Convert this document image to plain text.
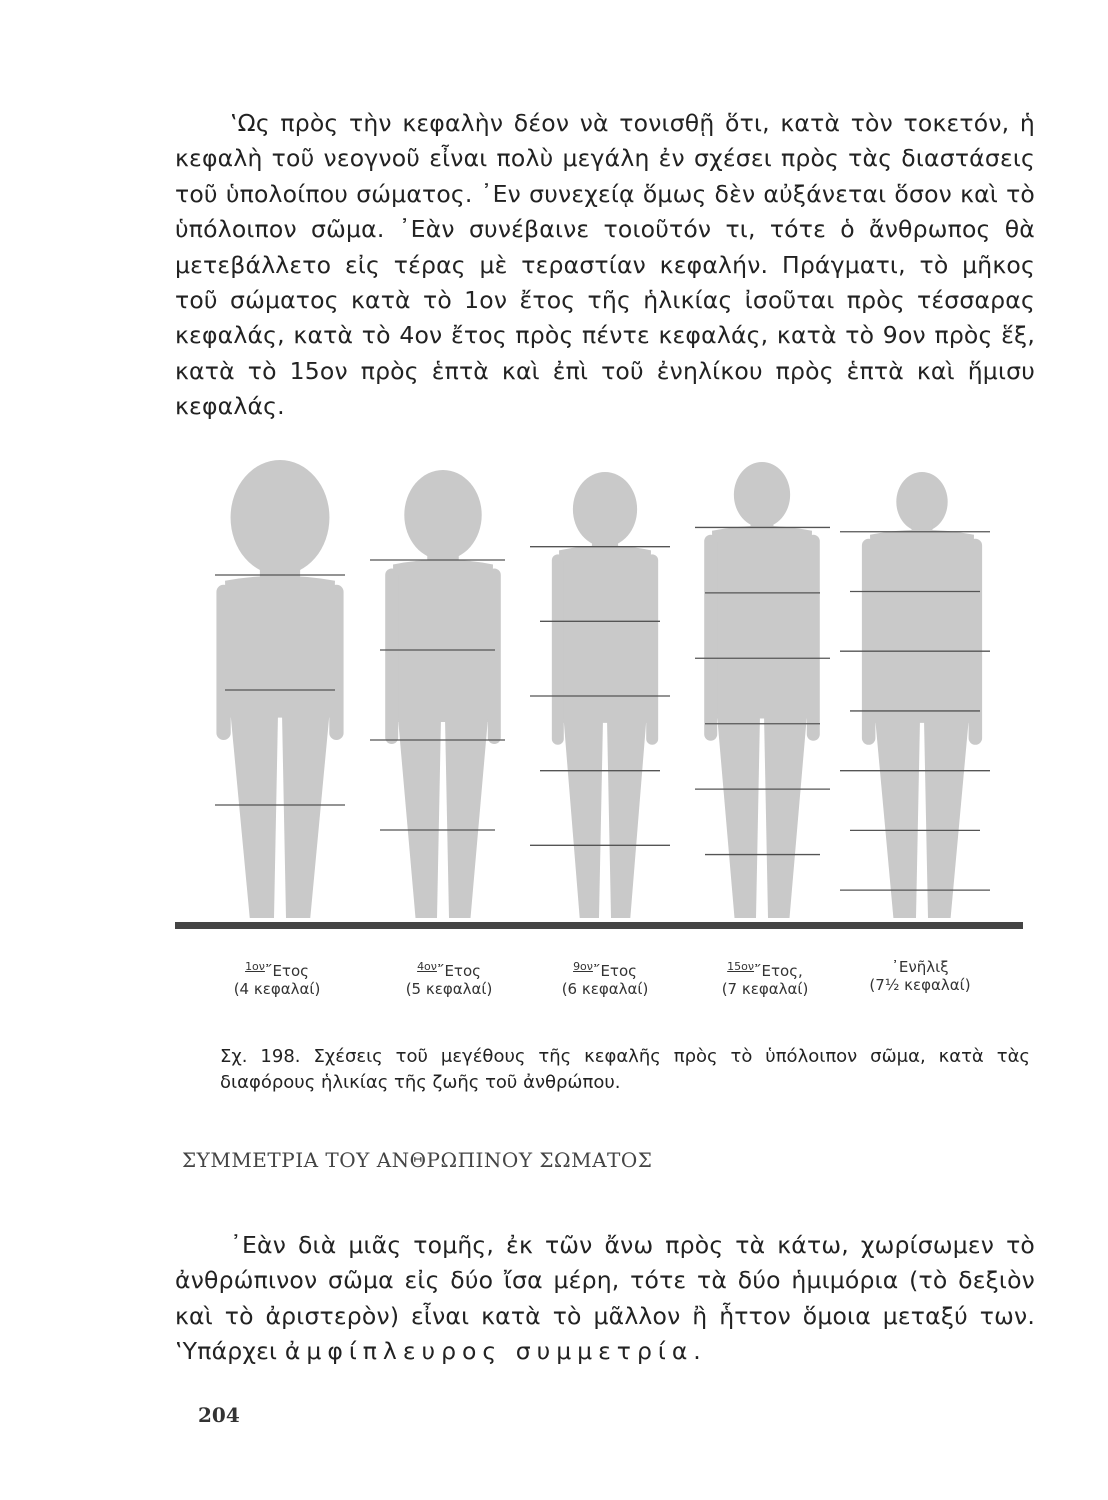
‛Ως πρὸς τὴν κεφαλὴν δέον νὰ τονισθῇ ὅτι, κατὰ τὸν τοκετόν, ἡ κεφαλὴ τοῦ νεογνοῦ εἶναι πολὺ μεγάλη ἐν σχέσει πρὸς τὰς διαστάσεις τοῦ ὑπολοίπου σώματος. ᾿Εν συνεχείᾳ ὅμως δὲν αὐξάνεται ὅσον καὶ τὸ ὑπόλοιπον σῶμα. ᾿Εὰν συνέβαινε τοιοῦτόν τι, τότε ὁ ἄνθρωπος θὰ μετεβάλλετο εἰς τέρας μὲ τεραστίαν κεφαλήν. Πράγματι, τὸ μῆκος τοῦ σώματος κατὰ τὸ 1ον ἔτος τῆς ἡλικίας ἰσοῦται πρὸς τέσσαρας κεφαλάς, κατὰ τὸ 4ον ἔτος πρὸς πέντε κεφαλάς, κατὰ τὸ 9ον πρὸς ἕξ, κατὰ τὸ 15ον πρὸς ἑπτὰ καὶ ἐπὶ τοῦ ἐνηλίκου πρὸς ἑπτὰ καὶ ἥμισυ κεφαλάς.

$^{1o\nu}$῎Ετος
(4 κεφαλαί)
$^{4o\nu}$῎Ετος
(5 κεφαλαί)
$^{9o\nu}$῎Ετος
(6 κεφαλαί)
$^{15o\nu}$῎Ετος,
(7 κεφαλαί)
᾿Ενῆλιξ
(7½ κεφαλαί)
Σχ. 198. Σχέσεις τοῦ μεγέθους τῆς κεφαλῆς πρὸς τὸ ὑπόλοιπον σῶμα, κατὰ τὰς διαφόρους ἡλικίας τῆς ζωῆς τοῦ ἀνθρώπου.
ΣΥΜΜΕΤΡΙΑ ΤΟΥ ΑΝΘΡΩΠΙΝΟΥ ΣΩΜΑΤΟΣ

᾿Εὰν διὰ μιᾶς τομῆς, ἐκ τῶν ἄνω πρὸς τὰ κάτω, χωρίσωμεν τὸ ἀνθρώπινον σῶμα εἰς δύο ἴσα μέρη, τότε τὰ δύο ἡμιμόρια (τὸ δεξιὸν καὶ τὸ ἀριστερὸν) εἶναι κατὰ τὸ μᾶλλον ἢ ἧττον ὅμοια μεταξύ των. ‛Υπάρχει ἀμφίπλευρος συμμετρία.

204
